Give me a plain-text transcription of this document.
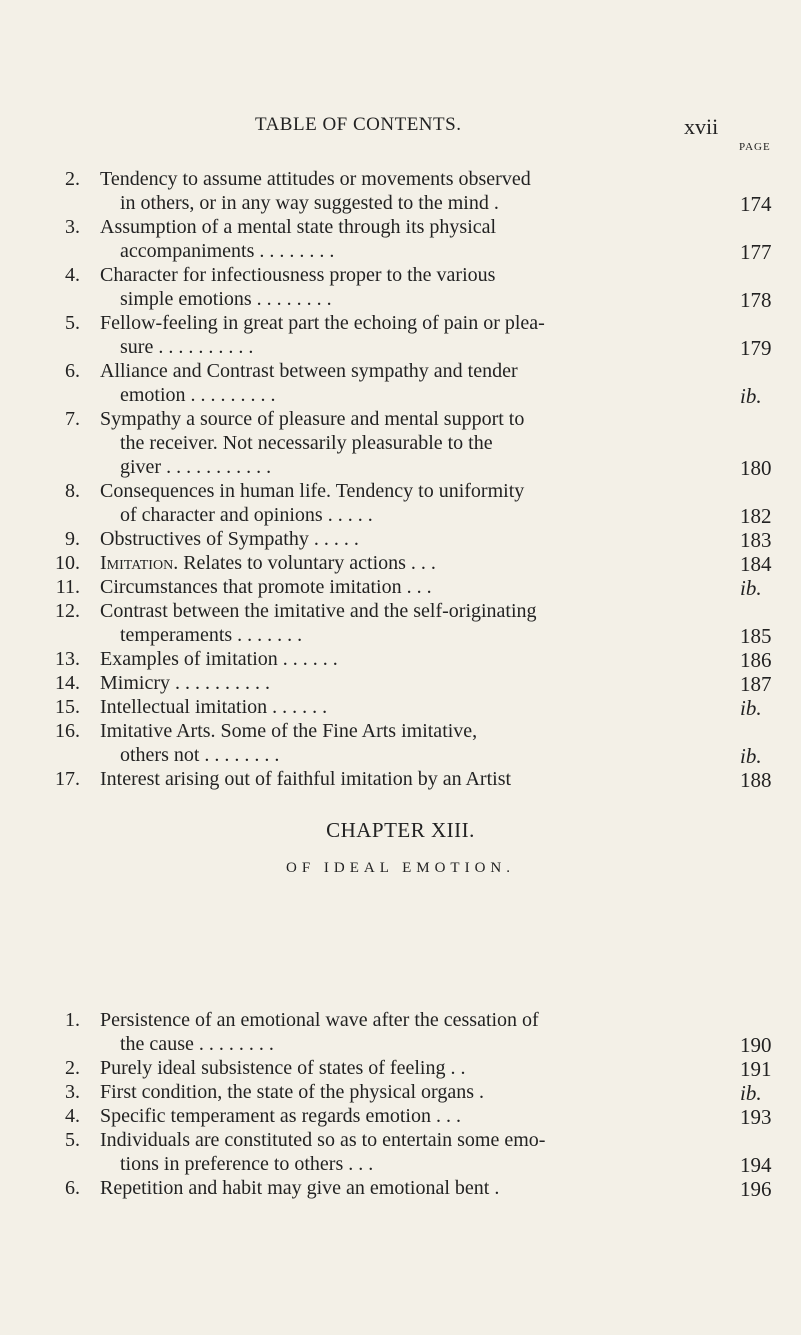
TABLE OF CONTENTS.	xvii
PAGE
2. Tendency to assume attitudes or movements observed
in others, or in any way suggested to the mind .	174
3. Assumption of a mental state through its physical
accompaniments . . . . . . . .	177
4. Character for infectiousness proper to the various
simple emotions . . . . . . . .	178
5. Fellow-feeling in great part the echoing of pain or plea-
sure . . . . . . . . . .	179
6. Alliance and Contrast between sympathy and tender
emotion . . . . . . . . .	ib.
7. Sympathy a source of pleasure and mental support to
the receiver. Not necessarily pleasurable to the
giver . . . . . . . . . . .	180
8. Consequences in human life. Tendency to uniformity
of character and opinions . . . . .	182
9. Obstructives of Sympathy . . . . .	183
10. Imitation. Relates to voluntary actions . . .	184
11. Circumstances that promote imitation . . .	ib.
12. Contrast between the imitative and the self-originating
temperaments . . . . . . .	185
13. Examples of imitation . . . . . .	186
14. Mimicry . . . . . . . . . .	187
15. Intellectual imitation . . . . . .	ib.
16. Imitative Arts. Some of the Fine Arts imitative,
others not . . . . . . . .	ib.
17. Interest arising out of faithful imitation by an Artist	188
CHAPTER XIII.
OF IDEAL EMOTION.
1. Persistence of an emotional wave after the cessation of
the cause . . . . . . . .	190
2. Purely ideal subsistence of states of feeling . .	191
3. First condition, the state of the physical organs .	ib.
4. Specific temperament as regards emotion . . .	193
5. Individuals are constituted so as to entertain some emo-
tions in preference to others . . .	194
6. Repetition and habit may give an emotional bent .	196
